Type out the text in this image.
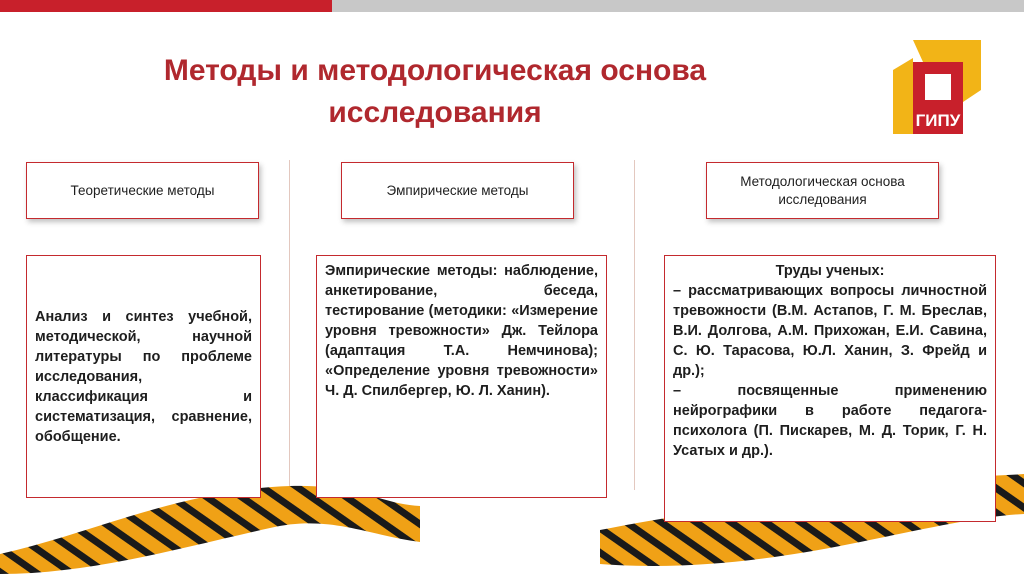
Методы и методологическая основа исследования	ГИПУ
Теоретические методы	Эмпирические методы
Методологическая основа исследования
Анализ и синтез учебной, методической, научной литературы по проблеме исследования, классификация и систематизация, сравнение, обобщение.
Эмпирические методы: наблюдение, анкетирование, беседа, тестирование (методики: «Измерение уровня тревожности» Дж. Тейлора (адаптация Т.А. Немчинова); «Определение уровня тревожности» Ч. Д. Спилбергер, Ю. Л. Ханин).
Труды ученых:
– рассматривающих вопросы личностной тревожности (В.М. Астапов, Г. М. Бреслав, В.И. Долгова, А.М. Прихожан, Е.И. Савина, С. Ю. Тарасова, Ю.Л. Ханин, З. Фрейд и др.);
– посвященные применению нейрографики в работе педагога-психолога (П. Пискарев, М. Д. Торик, Г. Н. Усатых и др.).
